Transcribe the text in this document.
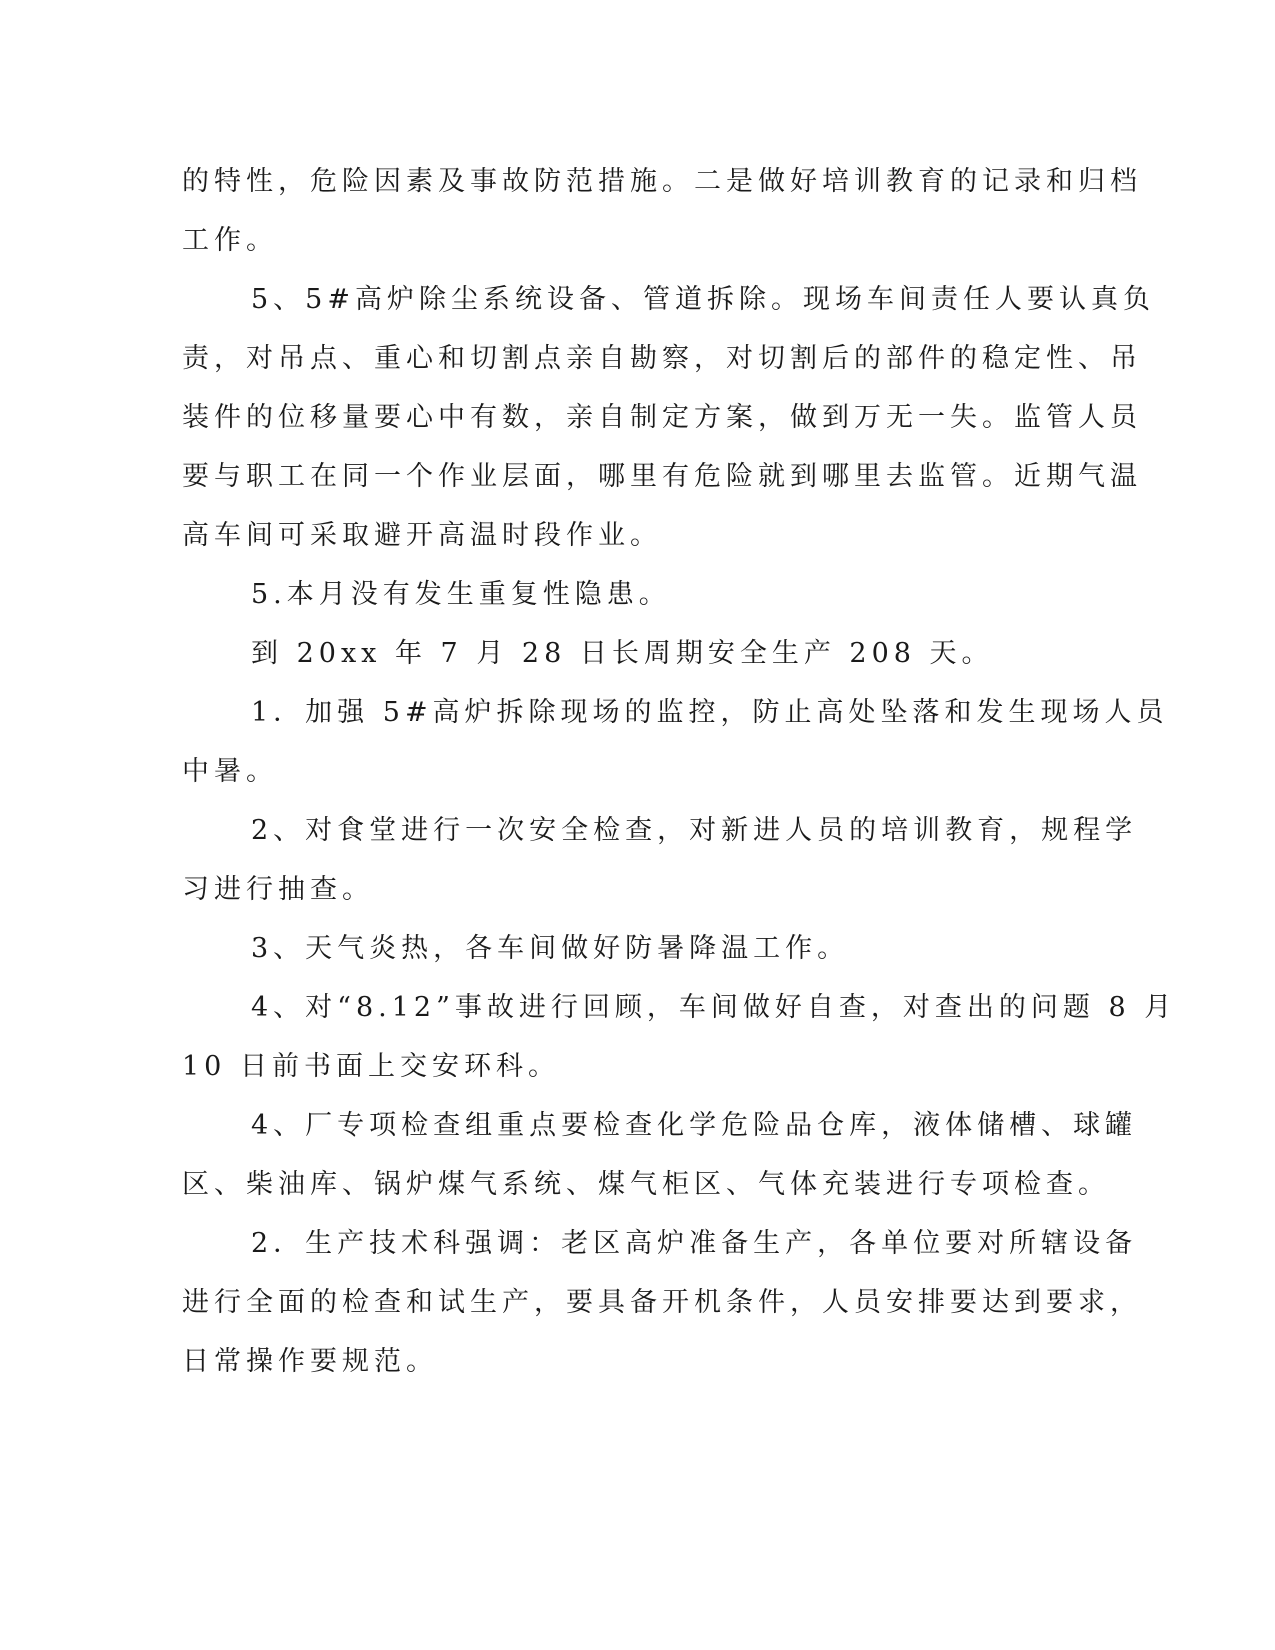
的特性，危险因素及事故防范措施。二是做好培训教育的记录和归档
工作。
5、5#高炉除尘系统设备、管道拆除。现场车间责任人要认真负
责，对吊点、重心和切割点亲自勘察，对切割后的部件的稳定性、吊
装件的位移量要心中有数，亲自制定方案，做到万无一失。监管人员
要与职工在同一个作业层面，哪里有危险就到哪里去监管。近期气温
高车间可采取避开高温时段作业。
5.本月没有发生重复性隐患。
到 20xx 年 7 月 28 日长周期安全生产 208 天。
1．加强 5#高炉拆除现场的监控，防止高处坠落和发生现场人员
中暑。
2、对食堂进行一次安全检查，对新进人员的培训教育，规程学
习进行抽查。
3、天气炎热，各车间做好防暑降温工作。
4、对“8.12”事故进行回顾，车间做好自查，对查出的问题 8 月
10 日前书面上交安环科。
4、厂专项检查组重点要检查化学危险品仓库，液体储槽、球罐
区、柴油库、锅炉煤气系统、煤气柜区、气体充装进行专项检查。
2．生产技术科强调：老区高炉准备生产，各单位要对所辖设备
进行全面的检查和试生产，要具备开机条件，人员安排要达到要求，
日常操作要规范。
